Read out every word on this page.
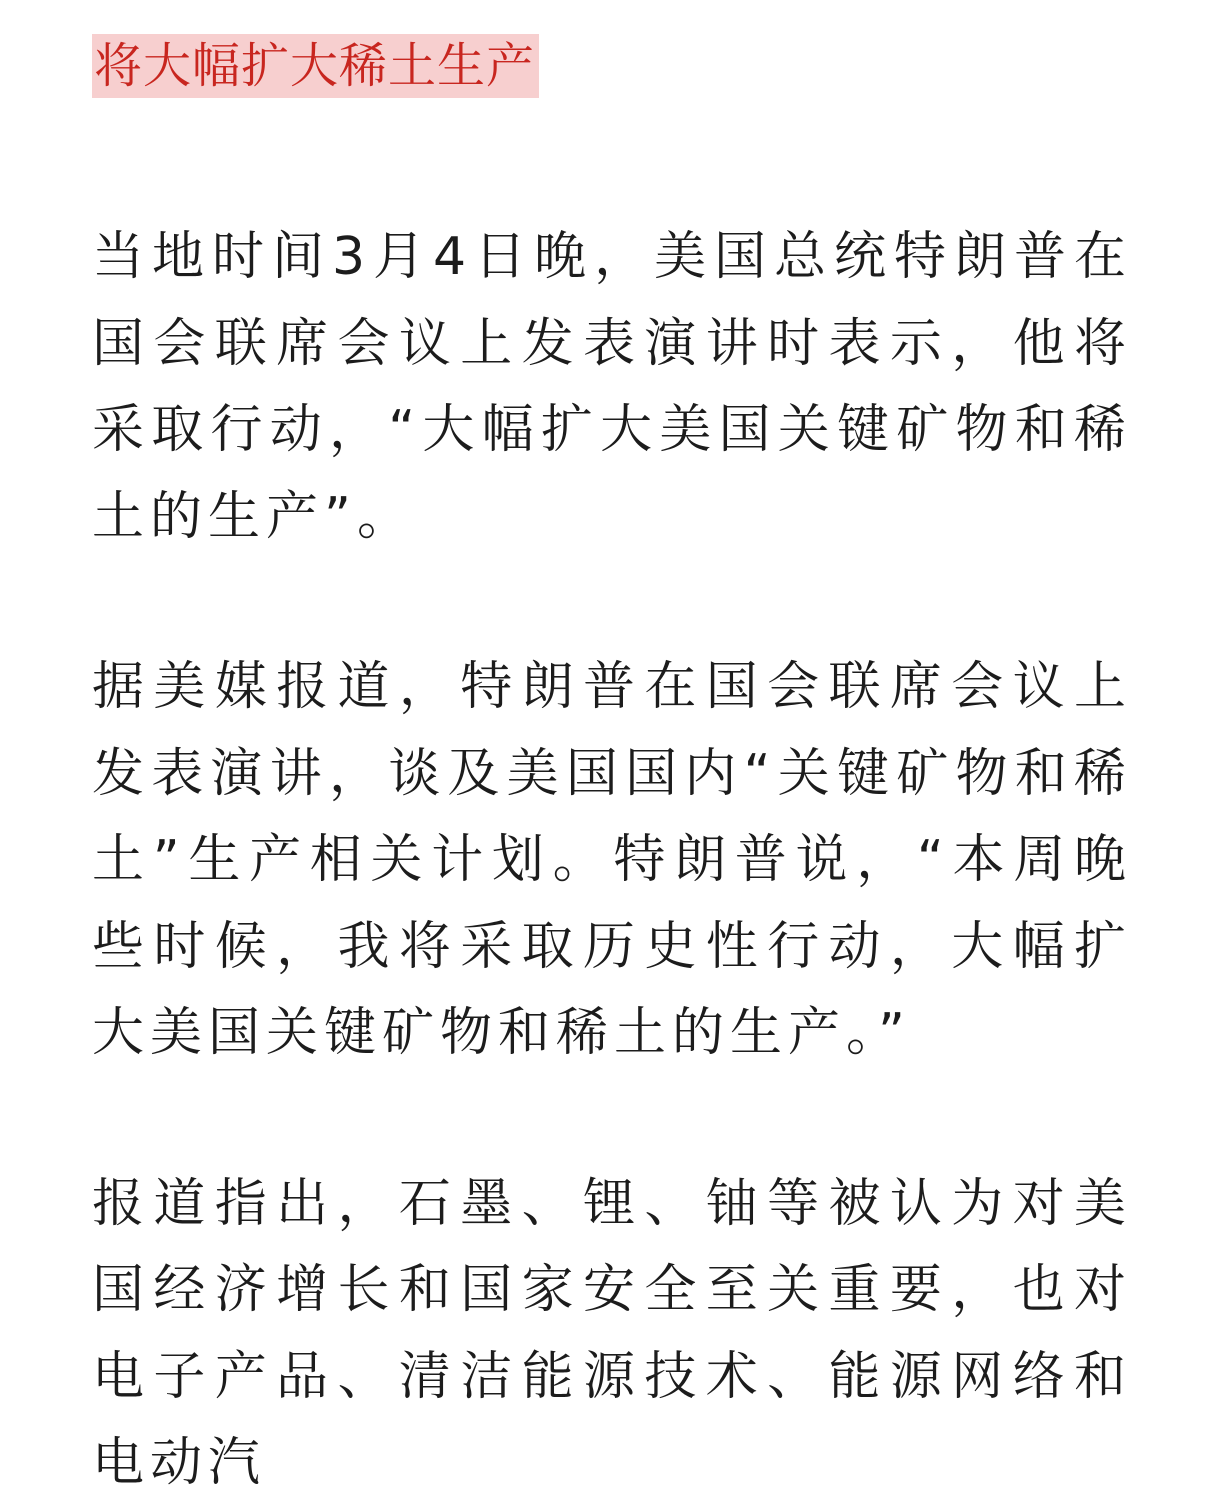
将大幅扩大稀土生产

当地时间3月4日晚，美国总统特朗普在国会联席会议上发表演讲时表示，他将采取行动，“大幅扩大美国关键矿物和稀土的生产”。

据美媒报道，特朗普在国会联席会议上发表演讲，谈及美国国内“关键矿物和稀土”生产相关计划。特朗普说，“本周晚些时候，我将采取历史性行动，大幅扩大美国关键矿物和稀土的生产。”

报道指出，石墨、锂、铀等被认为对美国经济增长和国家安全至关重要，也对电子产品、清洁能源技术、能源网络和电动汽
